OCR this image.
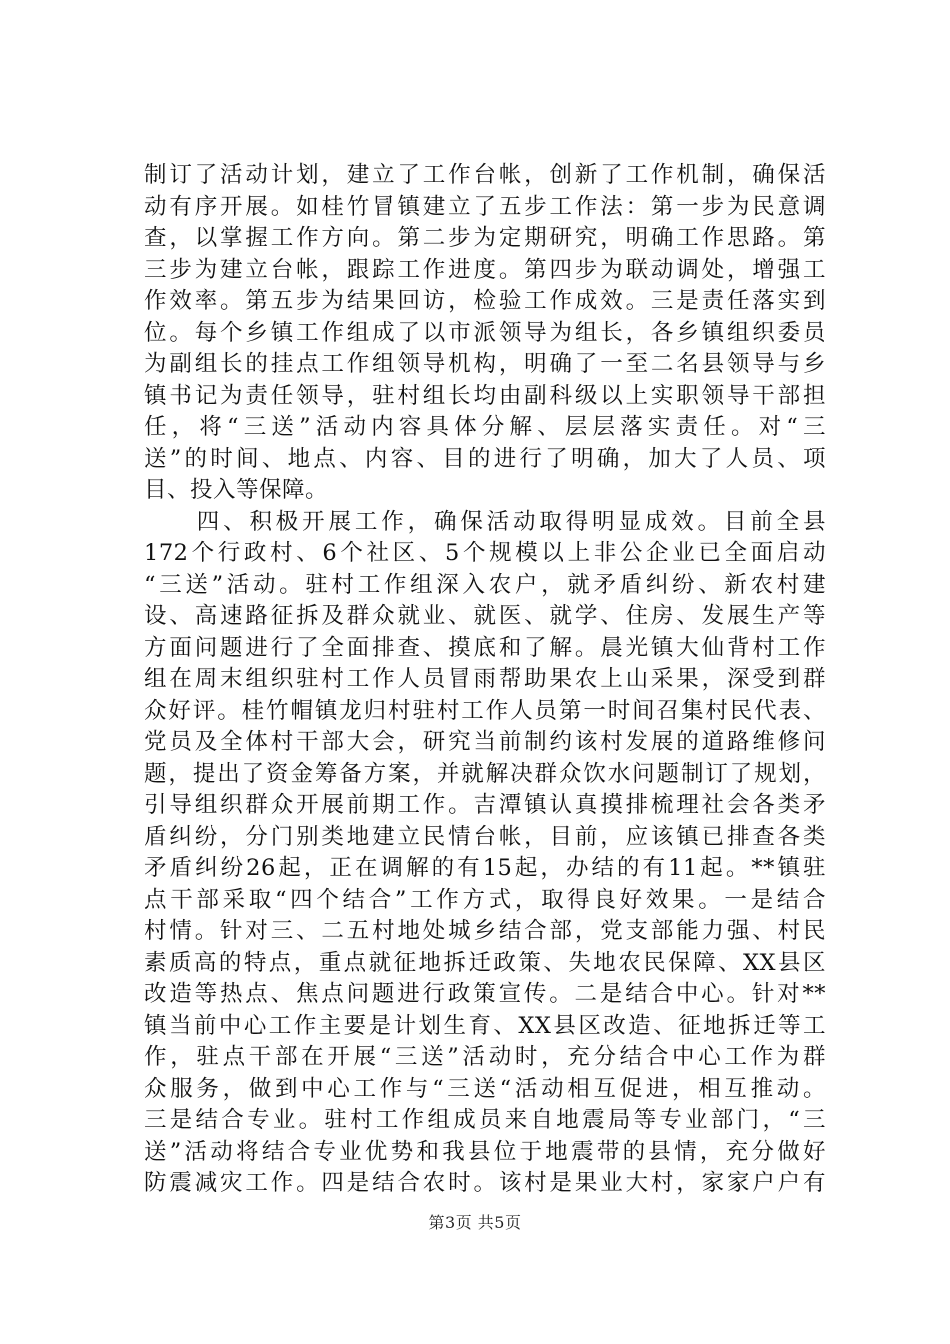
制订了活动计划，建立了工作台帐，创新了工作机制，确保活
动有序开展。如桂竹冒镇建立了五步工作法：第一步为民意调
查，以掌握工作方向。第二步为定期研究，明确工作思路。第
三步为建立台帐，跟踪工作进度。第四步为联动调处，增强工
作效率。第五步为结果回访，检验工作成效。三是责任落实到
位。每个乡镇工作组成了以市派领导为组长，各乡镇组织委员
为副组长的挂点工作组领导机构，明确了一至二名县领导与乡
镇书记为责任领导，驻村组长均由副科级以上实职领导干部担
任，将“三送”活动内容具体分解、层层落实责任。对“三
送”的时间、地点、内容、目的进行了明确，加大了人员、项
目、投入等保障。
　　四、积极开展工作，确保活动取得明显成效。目前全县
172个行政村、6个社区、5个规模以上非公企业已全面启动
“三送”活动。驻村工作组深入农户，就矛盾纠纷、新农村建
设、高速路征拆及群众就业、就医、就学、住房、发展生产等
方面问题进行了全面排查、摸底和了解。晨光镇大仙背村工作
组在周末组织驻村工作人员冒雨帮助果农上山采果，深受到群
众好评。桂竹帽镇龙归村驻村工作人员第一时间召集村民代表、
党员及全体村干部大会，研究当前制约该村发展的道路维修问
题，提出了资金筹备方案，并就解决群众饮水问题制订了规划，
引导组织群众开展前期工作。吉潭镇认真摸排梳理社会各类矛
盾纠纷，分门别类地建立民情台帐，目前，应该镇已排查各类
矛盾纠纷26起，正在调解的有15起，办结的有11起。**镇驻
点干部采取“四个结合”工作方式，取得良好效果。一是结合
村情。针对三、二五村地处城乡结合部，党支部能力强、村民
素质高的特点，重点就征地拆迁政策、失地农民保障、XX县区
改造等热点、焦点问题进行政策宣传。二是结合中心。针对**
镇当前中心工作主要是计划生育、XX县区改造、征地拆迁等工
作，驻点干部在开展“三送”活动时，充分结合中心工作为群
众服务，做到中心工作与“三送“活动相互促进，相互推动。
三是结合专业。驻村工作组成员来自地震局等专业部门，“三
送”活动将结合专业优势和我县位于地震带的县情，充分做好
防震减灾工作。四是结合农时。该村是果业大村，家家户户有
第3页 共5页
